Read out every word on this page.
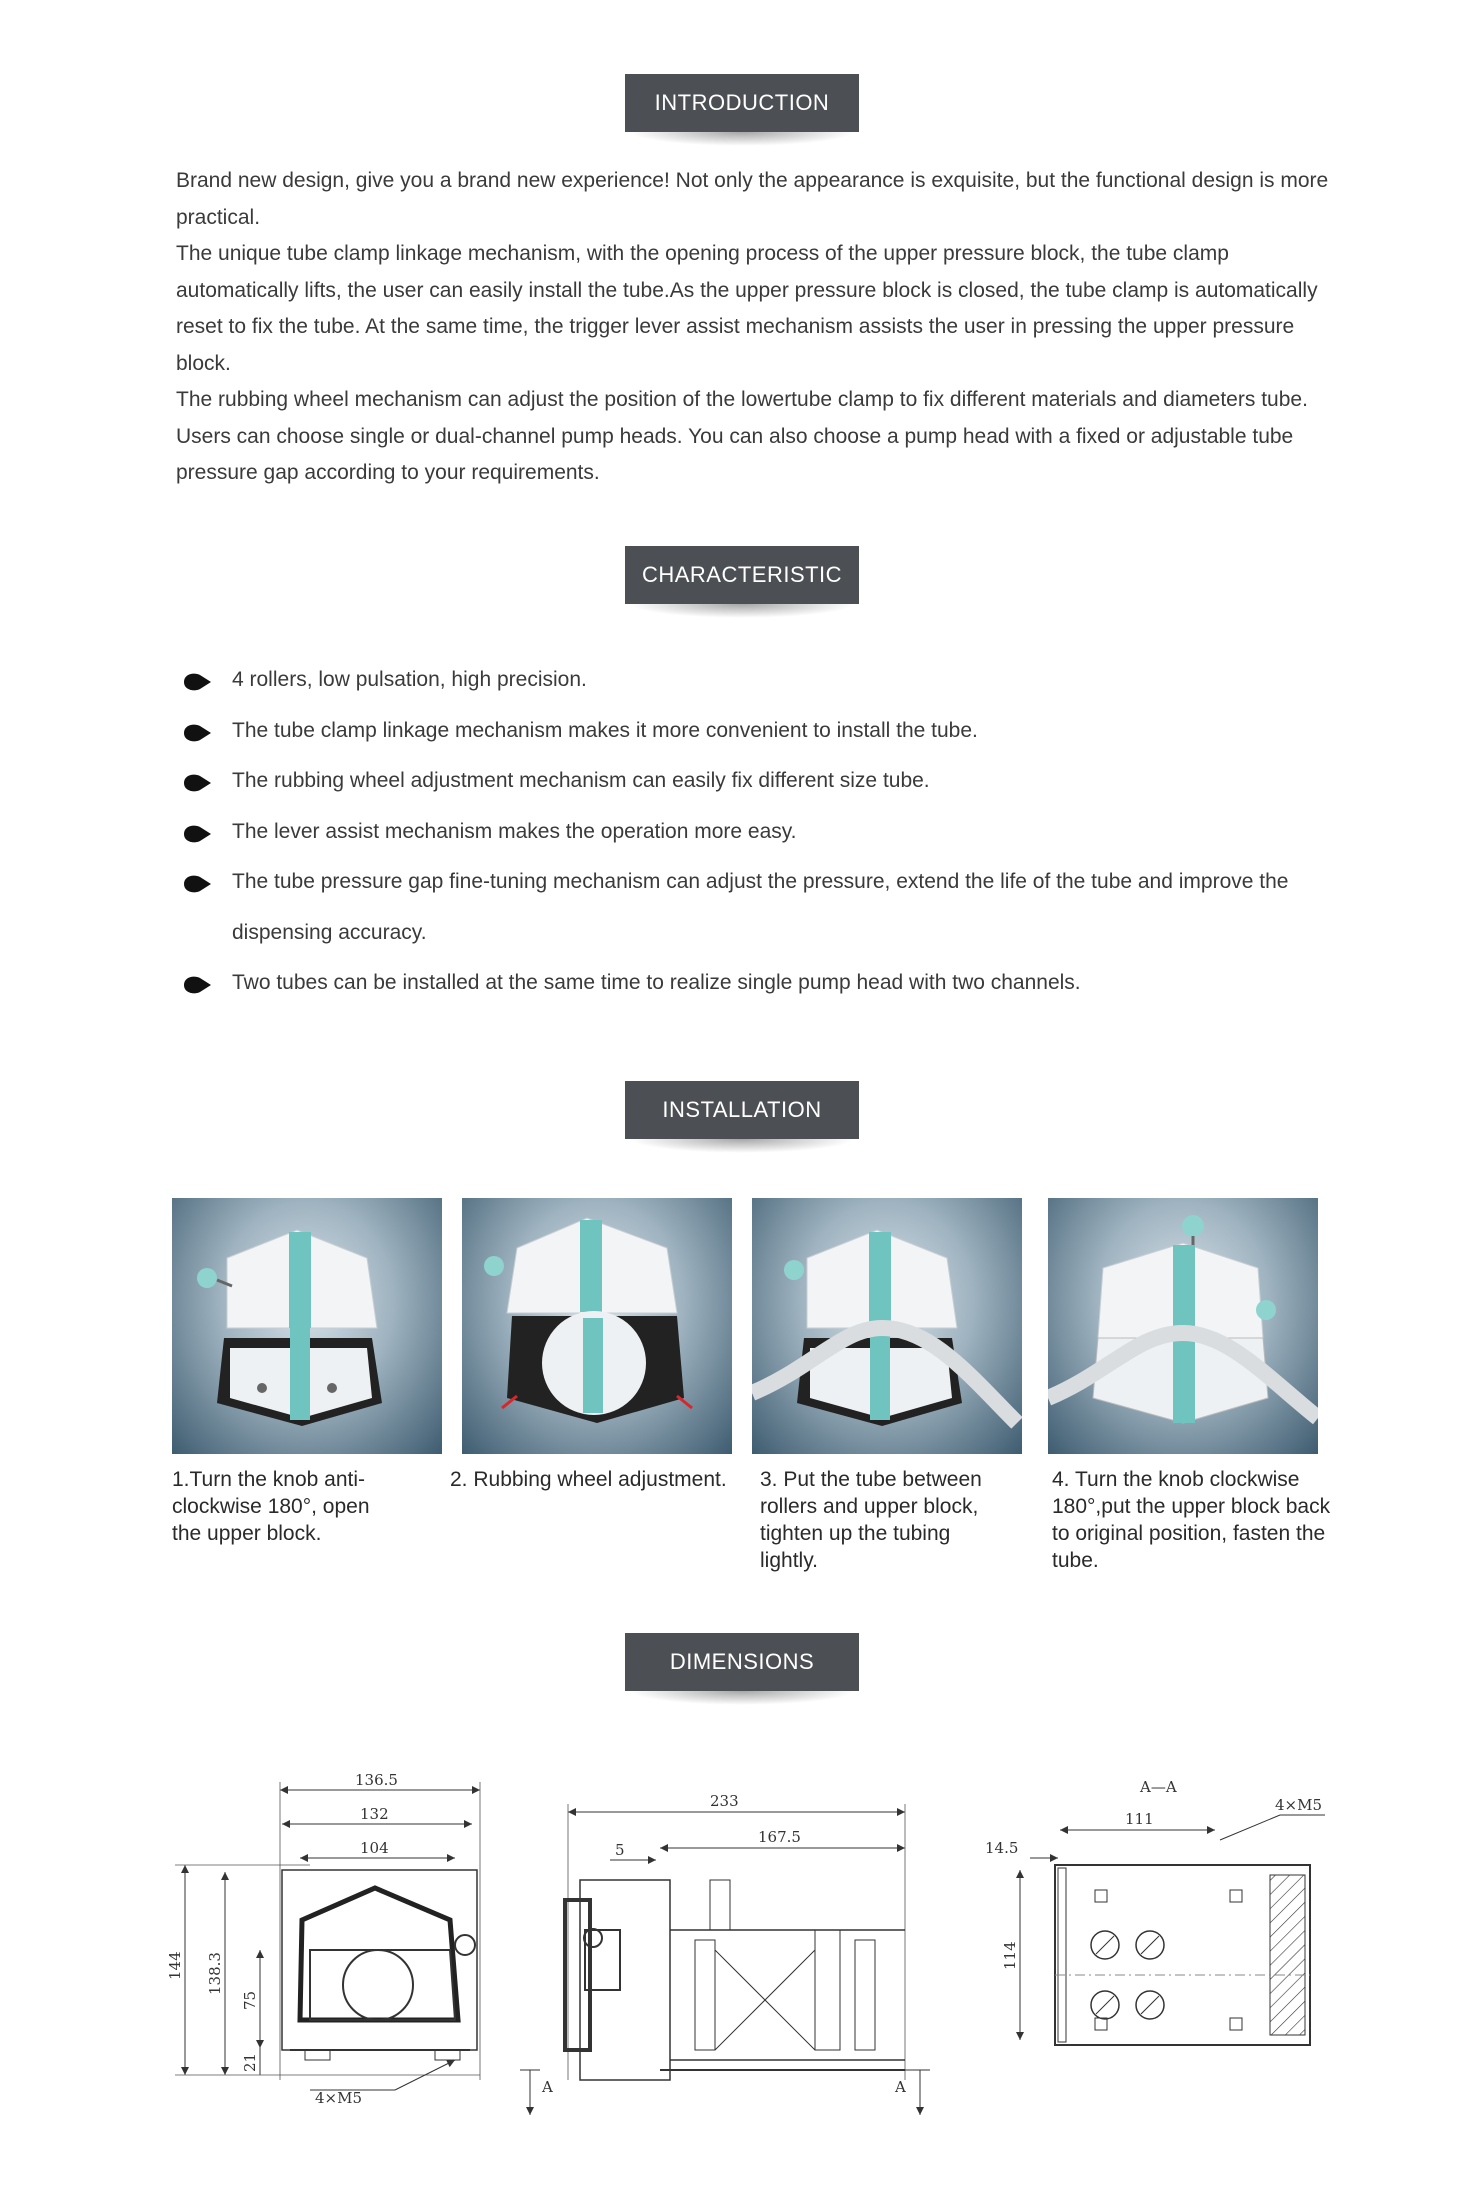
INTRODUCTION

Brand new design, give you a brand new experience! Not only the appearance is exquisite, but the functional design is more practical.

The unique tube clamp linkage mechanism, with the opening process of the upper pressure block, the tube clamp automatically lifts, the user can easily install the tube.As the upper pressure block is closed, the tube clamp is automatically reset to fix the tube. At the same time, the trigger lever assist mechanism assists the user in pressing the upper pressure block.

The rubbing wheel mechanism can adjust the position of the lowertube clamp to fix different materials and diameters tube. Users can choose single or dual-channel pump heads. You can also choose a pump head with a fixed or adjustable tube pressure gap according to your requirements.

CHARACTERISTIC
4 rollers, low pulsation, high precision.
The tube clamp linkage mechanism makes it more convenient to install the tube.
The rubbing wheel adjustment mechanism can easily fix different size tube.
The lever assist mechanism makes the operation more easy.
The tube pressure gap fine-tuning mechanism can adjust the pressure, extend the life of the tube and improve the dispensing accuracy.
Two tubes can be installed at the same time to realize single pump head with two channels.
INSTALLATION
1.Turn the knob anti-clockwise 180°, open the upper block.
2. Rubbing wheel adjustment.	3. Put the tube between rollers and upper block, tighten up the tubing lightly.
4. Turn the knob clockwise 180°,put the upper block back to original position, fasten the tube.
DIMENSIONS
136.5
132
104
144 138.3
75
21
4×M5
233
167.5
5
A	A
A—A
111
14.5
4×M5
114
